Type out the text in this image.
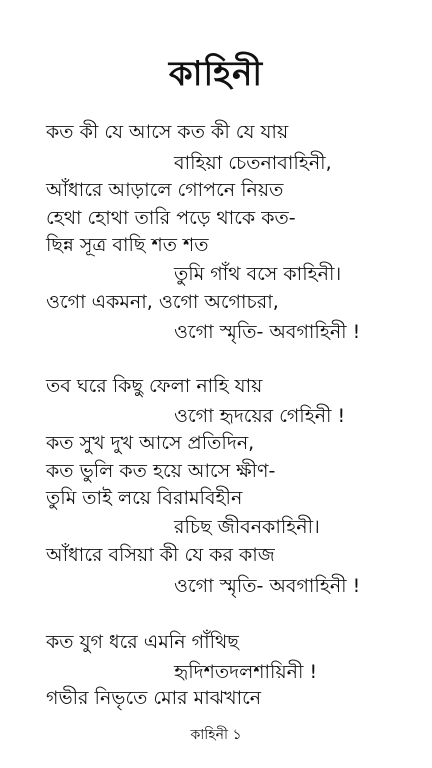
কাহিনী
কত কী যে আসে কত কী যে যায়
বাহিয়া চেতনাবাহিনী,
আঁধারে আড়ালে গোপনে নিয়ত
হেথা হোথা তারি পড়ে থাকে কত-
ছিন্ন সূত্র বাছি শত শত
তুমি গাঁথ বসে কাহিনী।
ওগো একমনা, ওগো অগোচরা,
ওগো স্মৃতি- অবগাহিনী !
তব ঘরে কিছু ফেলা নাহি যায়
ওগো হৃদয়ের গেহিনী !
কত সুখ দুখ আসে প্রতিদিন,
কত ভুলি কত হয়ে আসে ক্ষীণ-
তুমি তাই লয়ে বিরামবিহীন
রচিছ জীবনকাহিনী।
আঁধারে বসিয়া কী যে কর কাজ
ওগো স্মৃতি- অবগাহিনী !
কত যুগ ধরে এমনি গাঁথিছ
হৃদিশতদলশায়িনী !
গভীর নিভৃতে মোর মাঝখানে
কাহিনী ১
